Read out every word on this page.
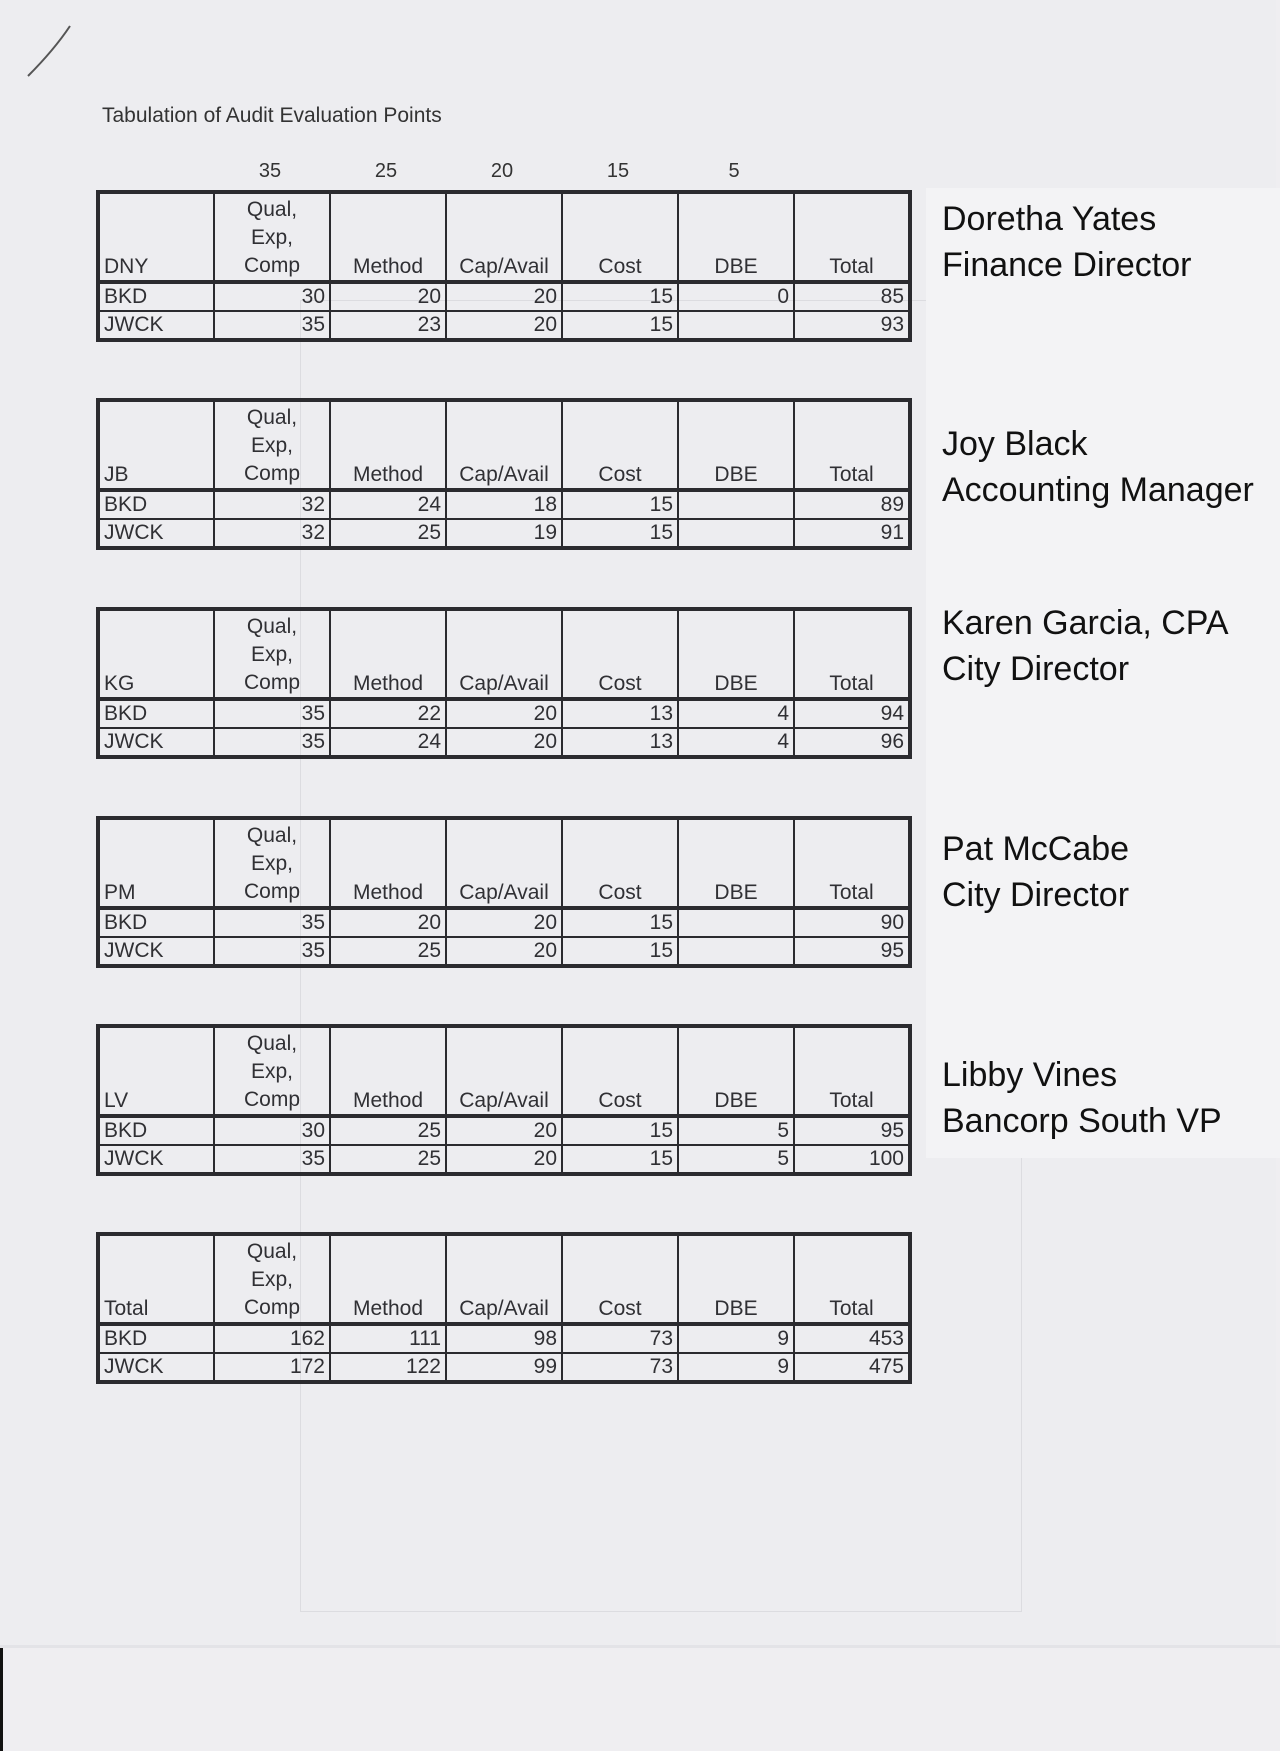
Tabulation of Audit Evaluation Points
35	25	20	15	5
DNY	Qual,
Exp,
Comp	Method	Cap/Avail	Cost	DBE	Total
BKD	30	20	20	15	0	85
JWCK	35	23	20	15		93
JB	Qual,
Exp,
Comp	Method	Cap/Avail	Cost	DBE	Total
BKD	32	24	18	15		89
JWCK	32	25	19	15		91
KG	Qual,
Exp,
Comp	Method	Cap/Avail	Cost	DBE	Total
BKD	35	22	20	13	4	94
JWCK	35	24	20	13	4	96
PM	Qual,
Exp,
Comp	Method	Cap/Avail	Cost	DBE	Total
BKD	35	20	20	15		90
JWCK	35	25	20	15		95
LV	Qual,
Exp,
Comp	Method	Cap/Avail	Cost	DBE	Total
BKD	30	25	20	15	5	95
JWCK	35	25	20	15	5	100
Total	Qual,
Exp,
Comp	Method	Cap/Avail	Cost	DBE	Total
BKD	162	111	98	73	9	453
JWCK	172	122	99	73	9	475
Doretha Yates
Finance Director
Joy Black
Accounting Manager
Karen Garcia, CPA
City Director
Pat McCabe
City Director
Libby Vines
Bancorp South VP
